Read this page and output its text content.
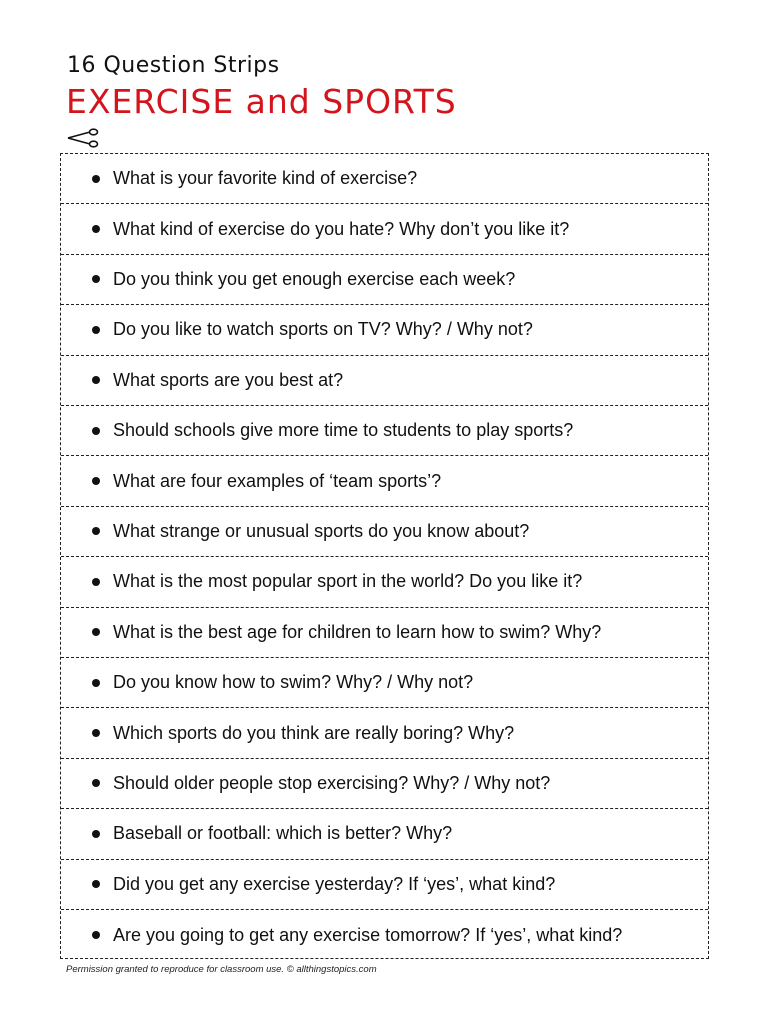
16 Question Strips
EXERCISE and SPORTS
What is your favorite kind of exercise?
What kind of exercise do you hate? Why don’t you like it?
Do you think you get enough exercise each week?
Do you like to watch sports on TV? Why? / Why not?
What sports are you best at?
Should schools give more time to students to play sports?
What are four examples of ‘team sports’?
What strange or unusual sports do you know about?
What is the most popular sport in the world? Do you like it?
What is the best age for children to learn how to swim? Why?
Do you know how to swim? Why? / Why not?
Which sports do you think are really boring? Why?
Should older people stop exercising? Why? / Why not?
Baseball or football: which is better? Why?
Did you get any exercise yesterday? If ‘yes’, what kind?
Are you going to get any exercise tomorrow? If ‘yes’, what kind?
Permission granted to reproduce for classroom use. © allthingstopics.com
